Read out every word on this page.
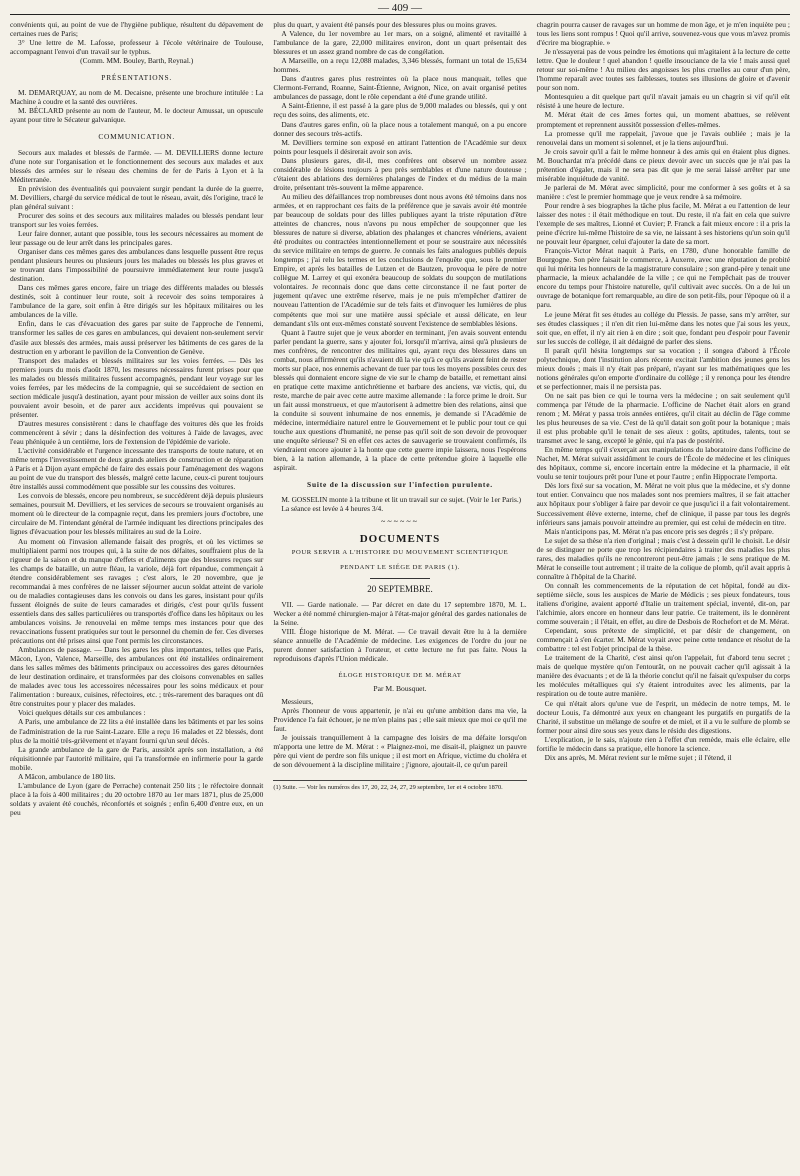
— 409 —

convénients qui, au point de vue de l'hygiène publique, résultent du dépavement de certaines rues de Paris;

3° Une lettre de M. Lafosse, professeur à l'école vétérinaire de Toulouse, accompagnant l'envoi d'un travail sur le typhus.

(Comm. MM. Bouley, Barth, Reynal.)

PRÉSENTATIONS.

M. DEMARQUAY, au nom de M. Decaisne, présente une brochure intitulée : La Machine à coudre et la santé des ouvrières.

M. BÉCLARD présente au nom de l'auteur, M. le docteur Amussat, un opuscule ayant pour titre le Sécateur galvanique.

COMMUNICATION.

Secours aux malades et blessés de l'armée. — M. DEVILLIERS donne lecture d'une note sur l'organisation et le fonctionnement des secours aux malades et aux blessés des armées sur le réseau des chemins de fer de Paris à Lyon et à la Méditerranée.

En prévision des éventualités qui pouvaient surgir pendant la durée de la guerre, M. Devilliers, chargé du service médical de tout le réseau, avait, dès l'origine, tracé le plan général suivant :

Procurer des soins et des secours aux militaires malades ou blessés pendant leur transport sur les voies ferrées.

Leur faire donner, autant que possible, tous les secours nécessaires au moment de leur passage ou de leur arrêt dans les principales gares.

Organiser dans ces mêmes gares des ambulances dans lesquelle pussent être reçus pendant plusieurs heures ou plusieurs jours les malades ou blessés les plus graves et se trouvant dans l'impossibilité de poursuivre immédiatement leur route jusqu'à destination.

Dans ces mêmes gares encore, faire un triage des différents malades ou blessés destinés, soit à continuer leur route, soit à recevoir des soins temporaires à l'ambulance de la gare, soit enfin à être dirigés sur les hôpitaux militaires ou les ambulances de la ville.

Enfin, dans le cas d'évacuation des gares par suite de l'approche de l'ennemi, transformer les salles de ces gares en ambulances, qui devaient non-seulement servir d'asile aux blessés des armées, mais aussi préserver les bâtiments de ces gares de la destruction en y arborant le pavillon de la Convention de Genève.

Transport des malades et blessés militaires sur les voies ferrées. — Dès les premiers jours du mois d'août 1870, les mesures nécessaires furent prises pour que les malades ou blessés militaires fussent accompagnés, pendant leur voyage sur les voies ferrées, par les médecins de la compagnie, qui se succédaient de section en section médicale jusqu'à destination, ayant pour mission de veiller aux soins dont ils pouvaient avoir besoin, et de parer aux accidents imprévus qui pouvaient se présenter.

D'autres mesures consistèrent : dans le chauffage des voitures dès que les froids commencèrent à sévir ; dans la désinfection des voitures à l'aide de lavages, avec l'eau phéniquée à un centième, lors de l'extension de l'épidémie de variole.

L'activité considérable et l'urgence incessante des transports de toute nature, et en même temps l'investissement de deux grands ateliers de construction et de réparation à Paris et à Dijon ayant empêché de faire des essais pour l'aménagement des wagons au point de vue du transport des blessés, malgré cette lacune, ceux-ci purent toujours être installés aussi commodément que possible sur les coussins des voitures.

Les convois de blessés, encore peu nombreux, se succédèrent déjà depuis plusieurs semaines, poursuit M. Devilliers, et les services de secours se trouvaient organisés au moment où le directeur de la compagnie reçut, dans les premiers jours d'octobre, une circulaire de M. l'intendant général de l'armée indiquant les directions principales des lignes d'évacuation pour les blessés militaires au sud de la Loire.

Au moment où l'invasion allemande faisait des progrès, et où les victimes se multipliaient parmi nos troupes qui, à la suite de nos défaites, souffraient plus de la rigueur de la saison et du manque d'effets et d'aliments que des blessures reçues sur les champs de bataille, un autre fléau, la variole, déjà fort répandue, commençait à étendre considérablement ses ravages ; c'est alors, le 20 novembre, que je recommandai à mes confrères de ne laisser séjourner aucun soldat atteint de variole ou de maladies contagieuses dans les convois ou dans les gares, insistant pour qu'ils fussent éloignés de suite de leurs camarades et dirigés, c'est pour qu'ils fussent essentiels dans des salles particulières ou transportés d'office dans les hôpitaux ou les ambulances voisins. Je renouvelai en même temps mes instances pour que des revaccinations fussent pratiquées sur tout le personnel du chemin de fer. Ces diverses précautions ont été prises ainsi que l'ont permis les circonstances.

Ambulances de passage. — Dans les gares les plus importantes, telles que Paris, Mâcon, Lyon, Valence, Marseille, des ambulances ont été installées ordinairement dans les salles mêmes des bâtiments principaux ou accessoires des gares détournées de leur destination ordinaire, et transformées par des cloisons convenables en salles de malades avec tous les accessoires nécessaires pour les soins médicaux et pour l'alimentation : bureaux, cuisines, réfectoires, etc. ; très-rarement des baraques ont dû être construites pour y placer des malades.

Voici quelques détails sur ces ambulances :

A Paris, une ambulance de 22 lits a été installée dans les bâtiments et par les soins de l'administration de la rue Saint-Lazare. Elle a reçu 16 malades et 22 blessés, dont plus de la moitié très-grièvement et n'ayant fourni qu'un seul décès.

La grande ambulance de la gare de Paris, aussitôt après son installation, a été réquisitionnée par l'autorité militaire, qui l'a transformée en infirmerie pour la garde mobile.

A Mâcon, ambulance de 180 lits.

L'ambulance de Lyon (gare de Perrache) contenait 250 lits ; le réfectoire donnait place à la fois à 400 militaires ; du 20 octobre 1870 au 1er mars 1871, plus de 25,000 soldats y avaient été couchés, réconfortés et soignés ; enfin 6,400 d'entre eux, en un peu

plus du quart, y avaient été pansés pour des blessures plus ou moins graves.

A Valence, du 1er novembre au 1er mars, on a soigné, alimenté et ravitaillé à l'ambulance de la gare, 22,000 militaires environ, dont un quart présentait des blessures et un assez grand nombre de cas de congélation.

A Marseille, on a reçu 12,088 malades, 3,346 blessés, formant un total de 15,634 hommes.

Dans d'autres gares plus restreintes où la place nous manquait, telles que Clermont-Ferrand, Roanne, Saint-Étienne, Avignon, Nice, on avait organisé petites ambulances de passage, dont le rôle cependant a été d'une grande utilité.

A Saint-Étienne, il est passé à la gare plus de 9,000 malades ou blessés, qui y ont reçu des soins, des aliments, etc.

Dans d'autres gares enfin, où la place nous a totalement manqué, on a pu encore donner des secours très-actifs.

M. Devilliers termine son exposé en attirant l'attention de l'Académie sur deux points pour lesquels il désirerait avoir son avis.

Dans plusieurs gares, dit-il, mes confrères ont observé un nombre assez considérable de lésions toujours à peu près semblables et d'une nature douteuse ; c'étaient des ablations des dernières phalanges de l'index et du médius de la main droite, présentant très-souvent la même apparence.

Au milieu des défaillances trop nombreuses dont nous avons été témoins dans nos armées, et en rapprochant ces faits de la préférence que je savais avoir été montrée par beaucoup de soldats pour des lilles publiques ayant la triste réputation d'être atteintes de chancres, nous n'avons pu nous empêcher de soupçonner que les blessures de nature si diverse, ablation des phalanges et chancres vénériens, avaient été produites ou contractées intentionnellement et pour se soustraire aux nécessités du service militaire en temps de guerre. Je connais les faits analogues publiés depuis longtemps ; j'ai relu les termes et les conclusions de l'enquête que, sous le premier Empire, et après les batailles de Lutzen et de Bautzen, provoqua le père de notre collègue M. Larrey et qui exonéra beaucoup de soldats du soupçon de mutilations volontaires. Je reconnais donc que dans cette circonstance il ne faut porter de jugement qu'avec une extrême réserve, mais je ne puis m'empêcher d'attirer de nouveau l'attention de l'Académie sur de tels faits et d'invoquer les lumières de plus compétents que moi sur une matière aussi spéciale et aussi délicate, en leur demandant s'ils ont eux-mêmes constaté souvent l'existence de semblables lésions.

Quant à l'autre sujet que je veux aborder en terminant, j'en avais souvent entendu parler pendant la guerre, sans y ajouter foi, lorsqu'il m'arriva, ainsi qu'à plusieurs de mes confrères, de rencontrer des militaires qui, ayant reçu des blessures dans un combat, nous affirmèrent qu'ils n'avaient dû la vie qu'à ce qu'ils avaient feint de rester morts sur place, nos ennemis achevant de tuer par tous les moyens possibles ceux des blessés qui donnaient encore signe de vie sur le champ de bataille, et remettant ainsi en pratique cette maxime antichrétienne et barbare des anciens, væ victis, qui, du reste, marche de pair avec cette autre maxime allemande : la force prime le droit. Sur un fait aussi monstrueux, et que m'autorisent à admettre bien des relations, ainsi que la conduite si souvent inhumaine de nos ennemis, je demande si l'Académie de médecine, intermédiaire naturel entre le Gouvernement et le public pour tout ce qui touche aux questions d'humanité, ne pense pas qu'il soit de son devoir de provoquer une enquête sérieuse? Si en effet ces actes de sauvagerie se trouvaient confirmés, ils viendraient encore ajouter à la honte que cette guerre impie laissera, nous l'espérons bien, à la nation allemande, à la place de cette prétendue gloire à laquelle elle aspirait.

Suite de la discussion sur l'infection purulente.

M. GOSSELIN monte à la tribune et lit un travail sur ce sujet. (Voir le 1er Paris.)

La séance est levée à 4 heures 3/4.

~~~~~~
DOCUMENTS
POUR SERVIR A L'HISTOIRE DU MOUVEMENT SCIENTIFIQUE
PENDANT LE SIÉGE DE PARIS (1).
20 SEPTEMBRE.

VII. — Garde nationale. — Par décret en date du 17 septembre 1870, M. L. Wecker a été nommé chirurgien-major à l'état-major général des gardes nationales de la Seine.

VIII. Éloge historique de M. Mérat. — Ce travail devait être lu à la dernière séance annuelle de l'Académie de médecine. Les exigences de l'ordre du jour ne purent donner satisfaction à l'orateur, et cette lecture ne fut pas faite. Nous la reproduisons d'après l'Union médicale.

ÉLOGE HISTORIQUE DE M. MÉRAT
Par M. Bousquet.

Messieurs,

Après l'honneur de vous appartenir, je n'ai eu qu'une ambition dans ma vie, la Providence l'a fait échouer, je ne m'en plains pas ; elle sait mieux que moi ce qu'il me faut.

Je jouissais tranquillement à la campagne des loisirs de ma défaite lorsqu'on m'apporta une lettre de M. Mérat : « Plaignez-moi, me disait-il, plaignez un pauvre père qui vient de perdre son fils unique ; il est mort en Afrique, victime du choléra et de son dévouement à la discipline militaire ; j'ignore, ajoutait-il, ce qu'un pareil

(1) Suite. — Voir les numéros des 17, 20, 22, 24, 27, 29 septembre, 1er et 4 octobre 1870.

chagrin pourra causer de ravages sur un homme de mon âge, et je m'en inquiète peu ; tous les liens sont rompus ! Quoi qu'il arrive, souvenez-vous que vous m'avez promis d'écrire ma biographie. »

Je n'essayerai pas de vous peindre les émotions qui m'agitaient à la lecture de cette lettre. Que le douleur ! quel abandon ! quelle insouciance de la vie ! mais aussi quel retour sur soi-même ! Au milieu des angoisses les plus cruelles au cœur d'un père, l'homme reparaît avec toutes ses faiblesses, toutes ses illusions de gloire et d'avenir pour son nom.

Montesquieu a dit quelque part qu'il n'avait jamais eu un chagrin si vif qu'il eût résisté à une heure de lecture.

M. Mérat était de ces âmes fortes qui, un moment abattues, se relèvent promptement et reprennent aussitôt possession d'elles-mêmes.

La promesse qu'il me rappelait, j'avoue que je l'avais oubliée ; mais je la renouvelai dans un moment si solennel, et je la tiens aujourd'hui.

Je crois savoir qu'il a fait le même honneur à des amis qui en étaient plus dignes. M. Bouchardat m'a précédé dans ce pieux devoir avec un succès que je n'ai pas la prétention d'égaler, mais il ne sera pas dit que je me serai laissé arrêter par une misérable inquiétude de vanité.

Je parlerai de M. Mérat avec simplicité, pour me conformer à ses goûts et à sa manière : c'est le premier hommage que je veux rendre à sa mémoire.

Pour rendre à ses biographes la tâche plus facile, M. Mérat a eu l'attention de leur laisser des notes : il était méthodique en tout. Du reste, il n'a fait en cela que suivre l'exemple de ses maîtres, Lionné et Cuvier; P. Franck a fait mieux encore : il a pris la peine d'écrire lui-même l'histoire de sa vie, ne laissant à ses historiens qu'un soin qu'il ne pouvait leur épargner, celui d'ajouter la date de sa mort.

François-Victor Mérat naquit à Paris, en 1780, d'une honorable famille de Bourgogne. Son père faisait le commerce, à Auxerre, avec une réputation de probité qui lui mérita les honneurs de la magistrature consulaire ; son grand-père y tenait une pharmacie, la mieux achalandée de la ville ; ce qui ne l'empêchait pas de trouver encore du temps pour l'histoire naturelle, qu'il cultivait avec succès. On a de lui un ouvrage de botanique fort remarquable, au dire de son petit-fils, pour l'époque où il a paru.

Le jeune Mérat fit ses études au collége du Plessis. Je passe, sans m'y arrêter, sur ses études classiques ; il n'en dit rien lui-même dans les notes que j'ai sous les yeux, soit que, en effet, il n'y ait rien à en dire ; soit que, fondant peu d'espoir pour l'avenir sur les succès de collège, il ait dédaigné de parler des siens.

Il paraît qu'il hésita longtemps sur sa vocation ; il songea d'abord à l'École polytechnique, dont l'institution alors récente excitait l'ambition des jeunes gens les mieux doués ; mais il n'y était pas préparé, n'ayant sur les mathématiques que les notions générales qu'on emporte d'ordinaire du collège ; il y renonça pour les étendre et se perfectionner, mais il ne persista pas.

On ne sait pas bien ce qui le tourna vers la médecine ; on sait seulement qu'il commença par l'étude de la pharmacie. L'officine de Nachet était alors en grand renom ; M. Mérat y passa trois années entières, qu'il citait au déclin de l'âge comme les plus heureuses de sa vie. C'est de là qu'il datait son goût pour la botanique ; mais il est plus probable qu'il le tenait de ses aïeux : goûts, aptitudes, talents, tout se transmet avec le sang, excepté le génie, qui n'a pas de postérité.

En même temps qu'il s'exerçait aux manipulations du laboratoire dans l'officine de Nachet, M. Mérat suivait assidûment le cours de l'École de médecine et les cliniques des hôpitaux, comme si, encore incertain entre la médecine et la pharmacie, il eût voulu se tenir toujours prêt pour l'une et pour l'autre ; enfin Hippocrate l'emporta.

Dès lors fixé sur sa vocation, M. Mérat ne voit plus que la médecine, et s'y donne tout entier. Convaincu que nos malades sont nos premiers maîtres, il se fait attacher aux hôpitaux pour s'obliger à faire par devoir ce que jusqu'ici il a fait volontairement. Successivement élève externe, interne, chef de clinique, il passe par tous les degrés inférieurs sans jamais pouvoir atteindre au premier, qui est celui de médecin en titre.

Mais n'anticipons pas, M. Mérat n'a pas encore pris ses degrés ; il s'y prépare.

Le sujet de sa thèse n'a rien d'original ; mais c'est à dessein qu'il le choisit. Le désir de se distinguer ne porte que trop les récipiendaires à traiter des maladies les plus rares, des maladies qu'ils ne rencontreront peut-être jamais ; le sens pratique de M. Mérat le conseille tout autrement ; il traite de la colique de plomb, qu'il avait appris à connaître à l'hôpital de la Charité.

On connaît les commencements de la réputation de cet hôpital, fondé au dix-septième siècle, sous les auspices de Marie de Médicis ; ses pieux fondateurs, tous italiens d'origine, avaient apporté d'Italie un traitement spécial, inventé, dit-on, par l'alchimie, alors encore en honneur dans leur patrie. Ce traitement, ils le donnèrent comme souverain ; il l'était, en effet, au dire de Desbois de Rochefort et de M. Mérat.

Cependant, sous prétexte de simplicité, et par désir de changement, on commençait à s'en écarter. M. Mérat voyait avec peine cette tendance et résolut de la combattre : tel est l'objet principal de la thèse.

Le traitement de la Charité, c'est ainsi qu'on l'appelait, fut d'abord tenu secret ; mais de quelque mystère qu'on l'entourât, on ne pouvait cacher qu'il agissait à la manière des évacuants ; et de là la théorie conclut qu'il ne faisait qu'expulser du corps les molécules métalliques qui s'y étaient introduites avec les aliments, par la respiration ou de toute autre manière.

Ce qui n'était alors qu'une vue de l'esprit, un médecin de notre temps, M. le docteur Louis, l'a démontré aux yeux en changeant les purgatifs en purgatifs de la Charité, il substitue un mélange de soufre et de miel, et il a vu le sulfure de plomb se former pour ainsi dire sous ses yeux dans le résidu des digestions.

L'explication, je le sais, n'ajoute rien à l'effet d'un remède, mais elle éclaire, elle fortifie le médecin dans sa pratique, elle honore la science.

Dix ans après, M. Mérat revient sur le même sujet ; il l'étend, il
